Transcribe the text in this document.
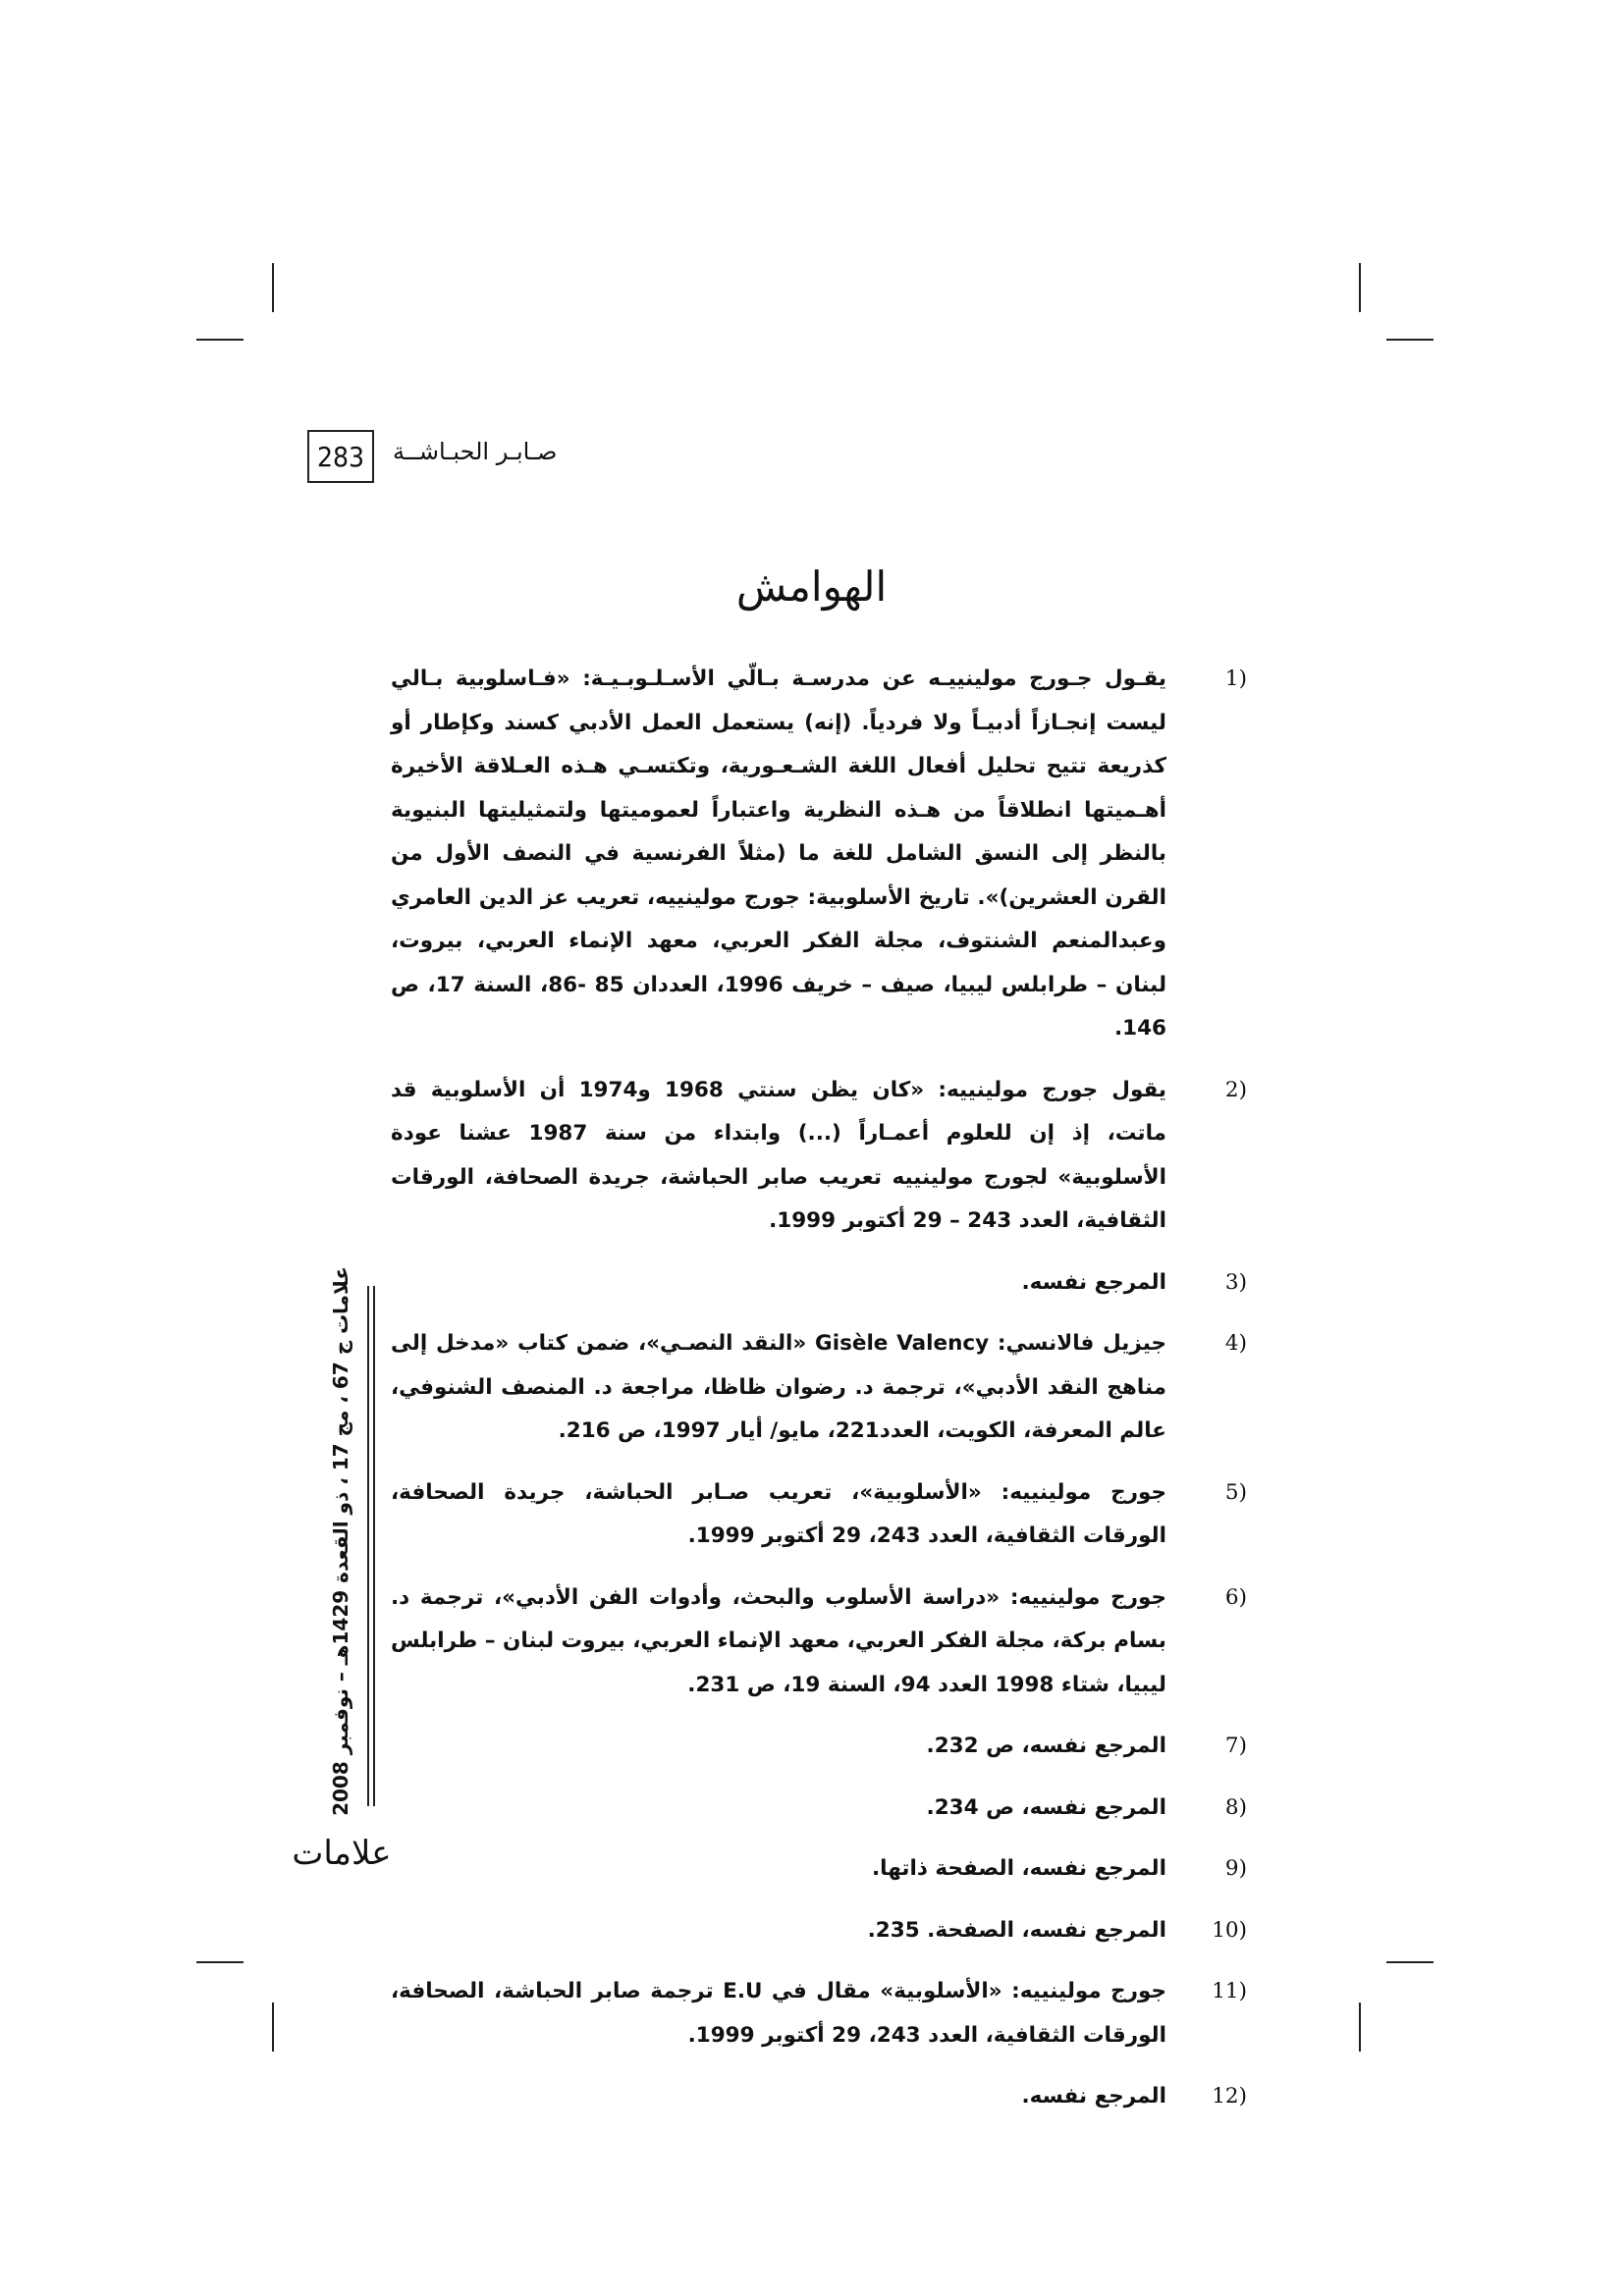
283	صـابـر الحبـاشــة
الهوامش
1)
يقـول جـورج مولينييـه عن مدرسـة بـالّي الأسـلـوبـيـة: «فـاسلوبية بـالي ليست إنجـازاً أدبيـاً ولا فردياً. (إنه) يستعمل العمل الأدبي كسند وكإطار أو كذريعة تتيح تحليل أفعال اللغة الشـعـورية، وتكتسـي هـذه العـلاقة الأخيرة أهـميتها انطلاقاً من هـذه النظرية واعتباراً لعموميتها ولتمثيليتها البنيوية بالنظر إلى النسق الشامل للغة ما (مثلاً الفرنسية في النصف الأول من القرن العشرين)». تاريخ الأسلوبية: جورج مولينييه، تعريب عز الدين العامري وعبدالمنعم الشنتوف، مجلة الفكر العربي، معهد الإنماء العربي، بيروت، لبنان – طرابلس ليبيا، صيف – خريف 1996، العددان 85 -86، السنة 17، ص 146.
2)
يقول جورج مولينييه: «كان يظن سنتي 1968 و1974 أن الأسلوبية قد ماتت، إذ إن للعلوم أعمـاراً (...) وابتداء من سنة 1987 عشنا عودة الأسلوبية» لجورج مولينييه تعريب صابر الحباشة، جريدة الصحافة، الورقات الثقافية، العدد 243 – 29 أكتوبر 1999.
3)
المرجع نفسه.
4)
جيزيل فالانسي: Gisèle Valency «النقد النصـي»، ضمن كتاب «مدخل إلى مناهج النقد الأدبي»، ترجمة د. رضوان ظاظا، مراجعة د. المنصف الشنوفي، عالم المعرفة، الكويت، العدد221، مايو/ أيار 1997، ص 216.
5)
جورج مولينييه: «الأسلوبية»، تعريب صـابر الحباشة، جريدة الصحافة، الورقات الثقافية، العدد 243، 29 أكتوبر 1999.
6)
جورج مولينييه: «دراسة الأسلوب والبحث، وأدوات الفن الأدبي»، ترجمة د. بسام بركة، مجلة الفكر العربي، معهد الإنماء العربي، بيروت لبنان – طرابلس ليبيا، شتاء 1998 العدد 94، السنة 19، ص 231.
7)
المرجع نفسه، ص 232.
8)
المرجع نفسه، ص 234.
9)
المرجع نفسه، الصفحة ذاتها.
10)
المرجع نفسه، الصفحة. 235.
11)
جورج مولينييه: «الأسلوبية» مقال في E.U ترجمة صابر الحباشة، الصحافة، الورقات الثقافية، العدد 243، 29 أكتوبر 1999.
12)
المرجع نفسه.
علامات ج 67 ، مج 17 ، ذو القعدة 1429هـ – نوفمبر 2008
علامات
